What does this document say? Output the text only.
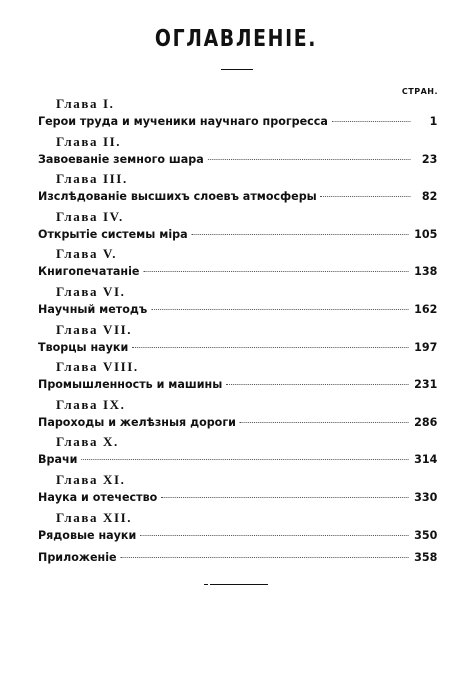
ОГЛАВЛЕНIЕ.
СТРАН.
Глава I.
Герои труда и мученики научнаго прогресса	1
Глава II.
Завоеванiе земного шара	23
Глава III.
Изслѣдованiе высшихъ слоевъ атмосферы	82
Глава IV.
Открытiе системы мiра	105
Глава V.
Книгопечатанiе	138
Глава VI.
Научный методъ	162
Глава VII.
Творцы науки	197
Глава VIII.
Промышленность и машины	231
Глава IX.
Пароходы и желѣзныя дороги	286
Глава X.
Врачи	314
Глава XI.
Наука и отечество	330
Глава XII.
Рядовые науки	350
Приложенiе	358
